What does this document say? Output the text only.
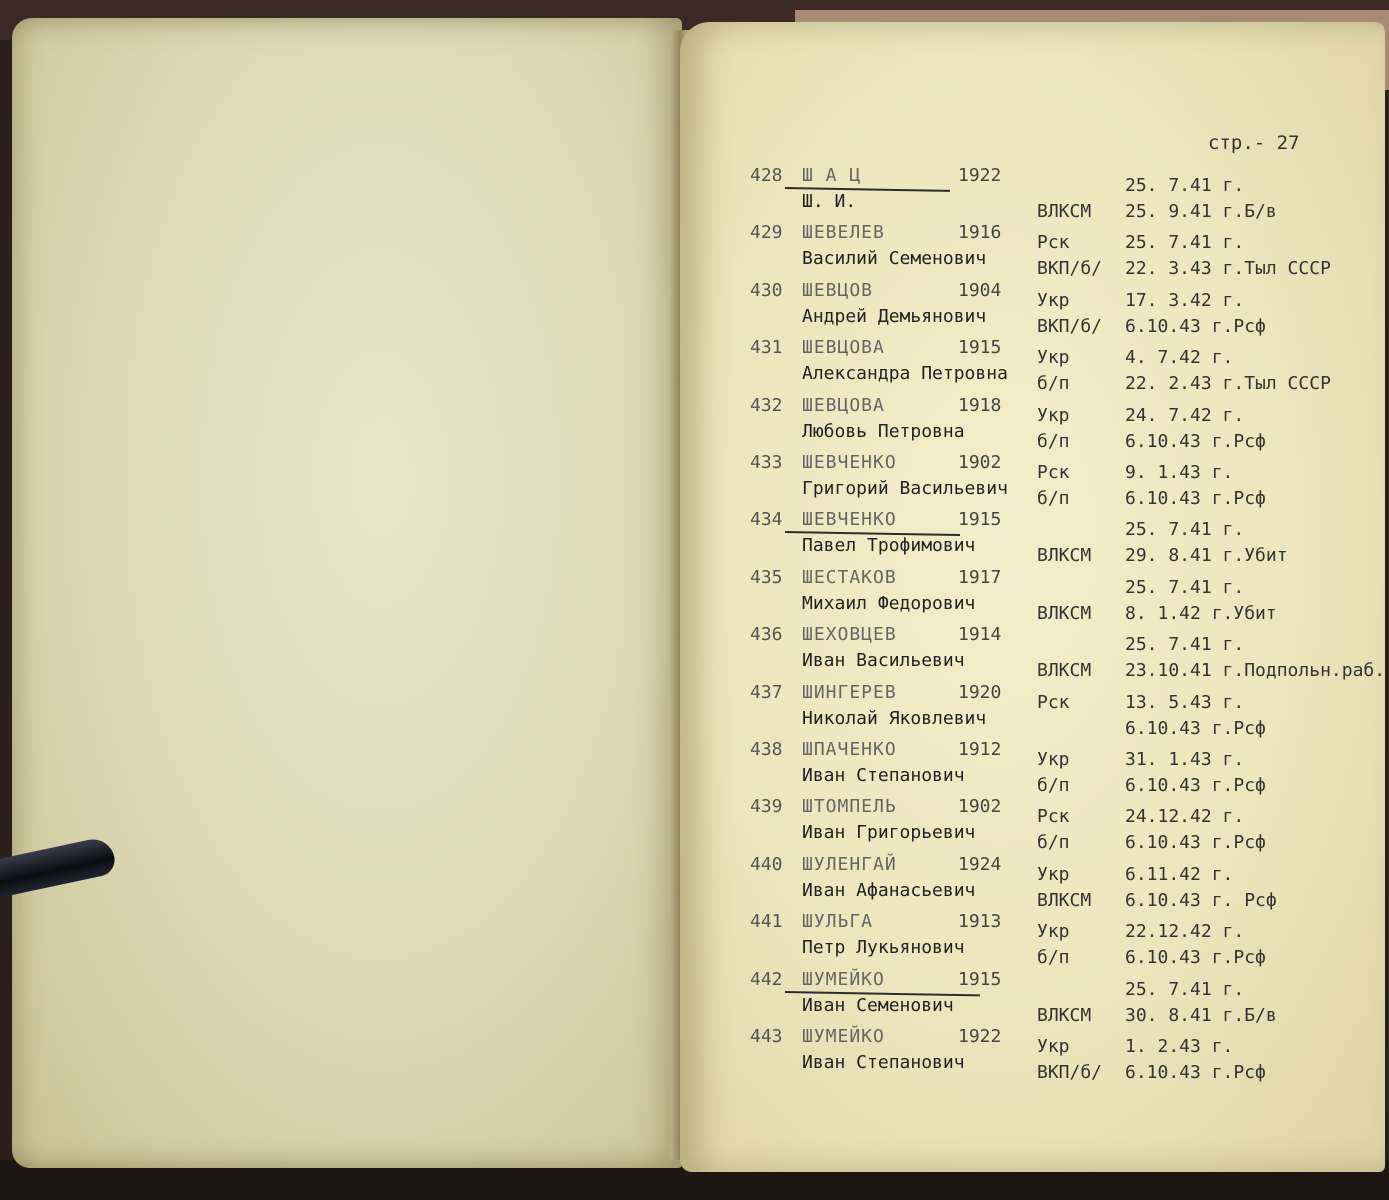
стр.- 27
428 Ш А Ц
Ш. И.
1922
ВЛКСМ
25. 7.41 г.
25. 9.41 г.Б/в
429 ШЕВЕЛЕВ
Василий Семенович
1916 Рск
ВКП/б/
25. 7.41 г.
22. 3.43 г.Тыл СССР
430 ШЕВЦОВ
Андрей Демьянович
1904 Укр
ВКП/б/
17. 3.42 г.
6.10.43 г.Рсф
431 ШЕВЦОВА
Александра Петровна
1915 Укр
б/п
4. 7.42 г.
22. 2.43 г.Тыл СССР
432 ШЕВЦОВА
Любовь Петровна
1918 Укр
б/п
24. 7.42 г.
6.10.43 г.Рсф
433 ШЕВЧЕНКО
Григорий Васильевич
1902 Рск
б/п
9. 1.43 г.
6.10.43 г.Рсф
434 ШЕВЧЕНКО
Павел Трофимович
1915
ВЛКСМ
25. 7.41 г.
29. 8.41 г.Убит
435 ШЕСТАКОВ
Михаил Федорович
1917
ВЛКСМ
25. 7.41 г.
8. 1.42 г.Убит
436 ШЕХОВЦЕВ
Иван Васильевич
1914
ВЛКСМ
25. 7.41 г.
23.10.41 г.Подпольн.раб.
437 ШИНГЕРЕВ
Николай Яковлевич
1920 Рск	13. 5.43 г.
6.10.43 г.Рсф
438 ШПАЧЕНКО
Иван Степанович
1912 Укр
б/п
31. 1.43 г.
6.10.43 г.Рсф
439 ШТОМПЕЛЬ
Иван Григорьевич
1902 Рск
б/п
24.12.42 г.
6.10.43 г.Рсф
440 ШУЛЕНГАЙ
Иван Афанасьевич
1924 Укр
ВЛКСМ
6.11.42 г.
6.10.43 г. Рсф
441 ШУЛЬГА
Петр Лукьянович
1913 Укр
б/п
22.12.42 г.
6.10.43 г.Рсф
442 ШУМЕЙКО
Иван Семенович
1915
ВЛКСМ
25. 7.41 г.
30. 8.41 г.Б/в
443 ШУМЕЙКО
Иван Степанович
1922 Укр
ВКП/б/
1. 2.43 г.
6.10.43 г.Рсф
